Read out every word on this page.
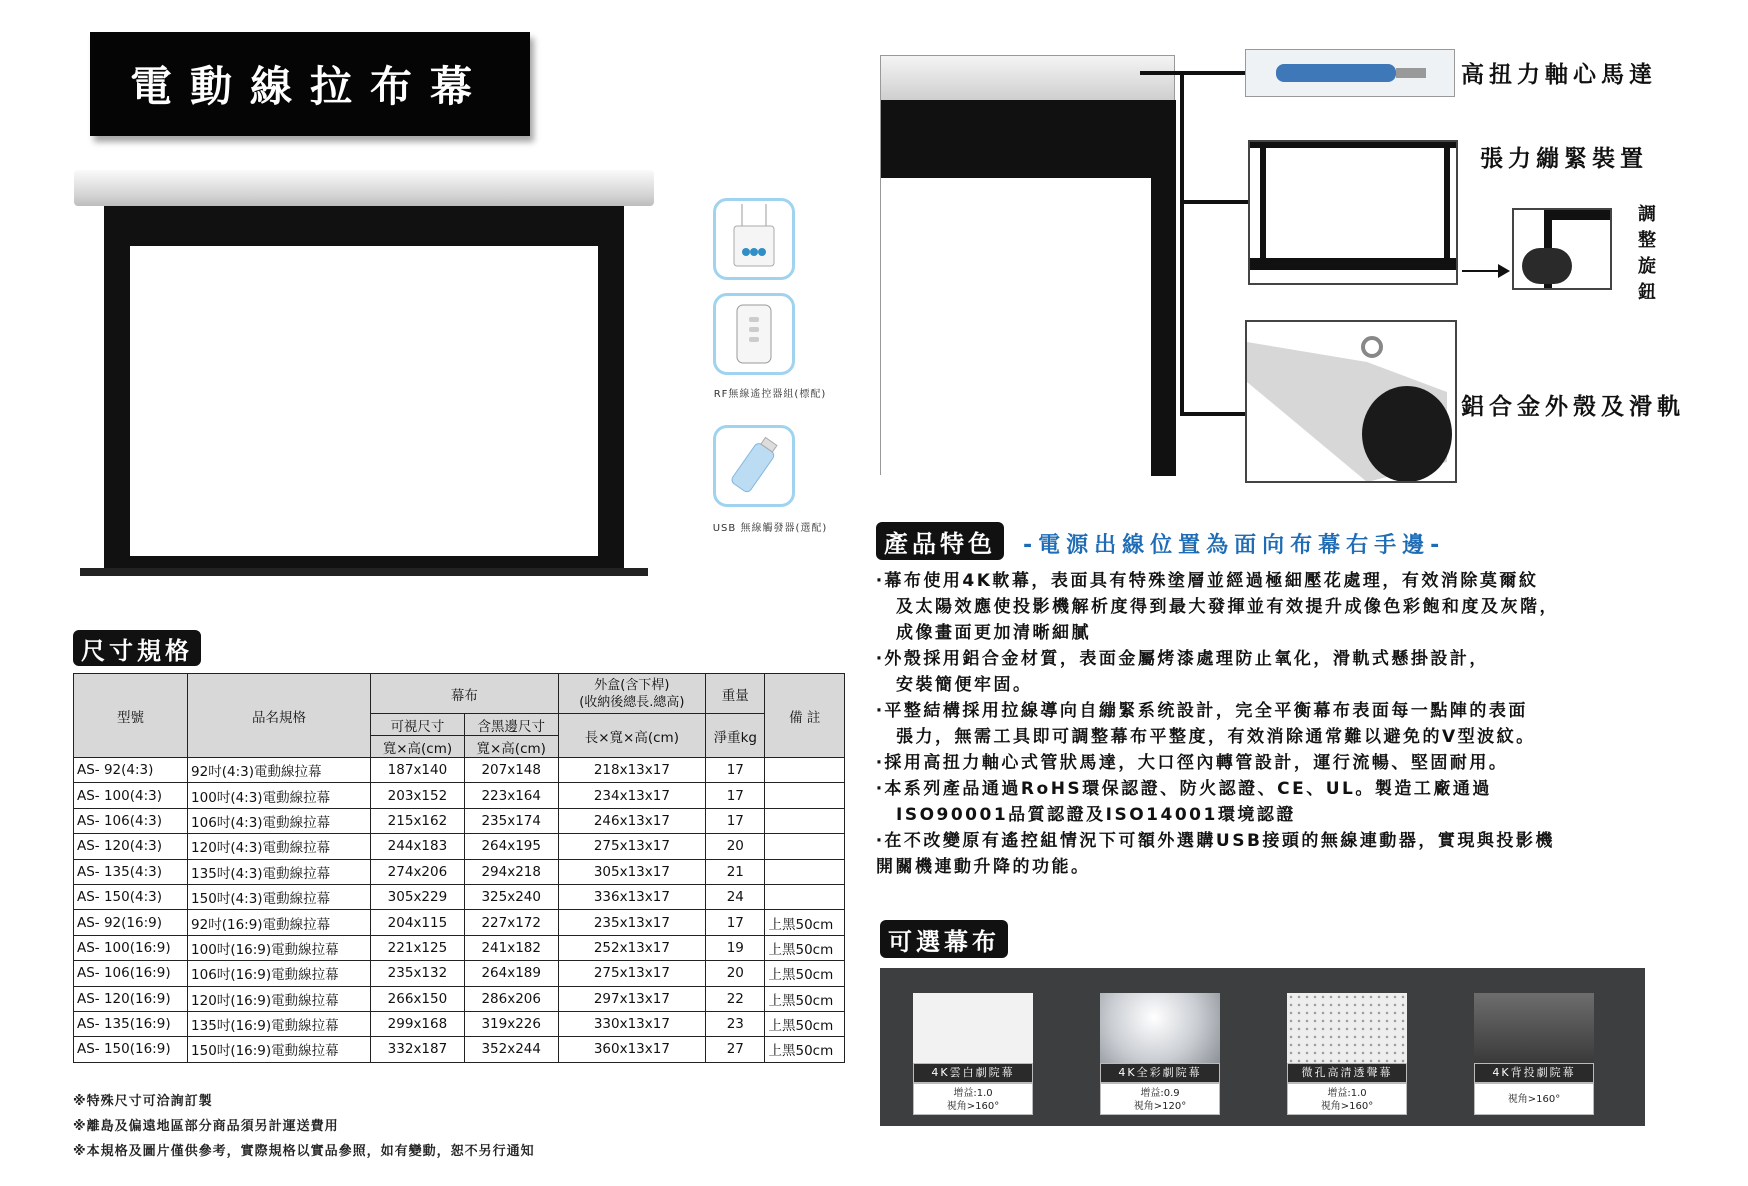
電動線拉布幕
RF無線遙控器組(標配)
USB 無線觸發器(選配)
尺寸規格
型號	品名規格	幕布		外盒(含下桿)
(收納後總長.總高)	重量	備 註
		可視尺寸	含黑邊尺寸	長×寬×高(cm)	淨重kg	
		寬×高(cm)	寬×高(cm)			
AS- 92(4:3)	92吋(4:3)電動線拉幕	187x140	207x148	218x13x17	17	
AS- 100(4:3)	100吋(4:3)電動線拉幕	203x152	223x164	234x13x17	17	
AS- 106(4:3)	106吋(4:3)電動線拉幕	215x162	235x174	246x13x17	17	
AS- 120(4:3)	120吋(4:3)電動線拉幕	244x183	264x195	275x13x17	20	
AS- 135(4:3)	135吋(4:3)電動線拉幕	274x206	294x218	305x13x17	21	
AS- 150(4:3)	150吋(4:3)電動線拉幕	305x229	325x240	336x13x17	24	
AS- 92(16:9)	92吋(16:9)電動線拉幕	204x115	227x172	235x13x17	17	上黑50cm
AS- 100(16:9)	100吋(16:9)電動線拉幕	221x125	241x182	252x13x17	19	上黑50cm
AS- 106(16:9)	106吋(16:9)電動線拉幕	235x132	264x189	275x13x17	20	上黑50cm
AS- 120(16:9)	120吋(16:9)電動線拉幕	266x150	286x206	297x13x17	22	上黑50cm
AS- 135(16:9)	135吋(16:9)電動線拉幕	299x168	319x226	330x13x17	23	上黑50cm
AS- 150(16:9)	150吋(16:9)電動線拉幕	332x187	352x244	360x13x17	27	上黑50cm
※特殊尺寸可洽詢訂製
※離島及偏遠地區部分商品須另計運送費用
※本規格及圖片僅供參考，實際規格以實品參照，如有變動，恕不另行通知
高扭力軸心馬達
張力繃緊裝置
調整旋鈕
鋁合金外殼及滑軌
產品特色	-電源出線位置為面向布幕右手邊-

‧幕布使用4K軟幕，表面具有特殊塗層並經過極細壓花處理，有效消除莫爾紋

及太陽效應使投影機解析度得到最大發揮並有效提升成像色彩飽和度及灰階，

成像畫面更加清晰細膩

‧外殼採用鋁合金材質，表面金屬烤漆處理防止氧化，滑軌式懸掛設計，

安裝簡便牢固。

‧平整結構採用拉線導向自繃緊系统設計，完全平衡幕布表面每一點陣的表面

張力，無需工具即可調整幕布平整度，有效消除通常難以避免的V型波紋。

‧採用高扭力軸心式管狀馬達，大口徑內轉管設計，運行流暢、堅固耐用。

‧本系列產品通過RoHS環保認證、防火認證、CE、UL。製造工廠通過

ISO90001品質認證及ISO14001環境認證

‧在不改變原有遙控組情況下可額外選購USB接頭的無線連動器，實現與投影機

開關機連動升降的功能。

可選幕布
4K雲白劇院幕
增益:1.0
視角>160°
4K全彩劇院幕
增益:0.9
視角>120°
微孔高清透聲幕
增益:1.0
視角>160°
4K背投劇院幕
視角>160°
